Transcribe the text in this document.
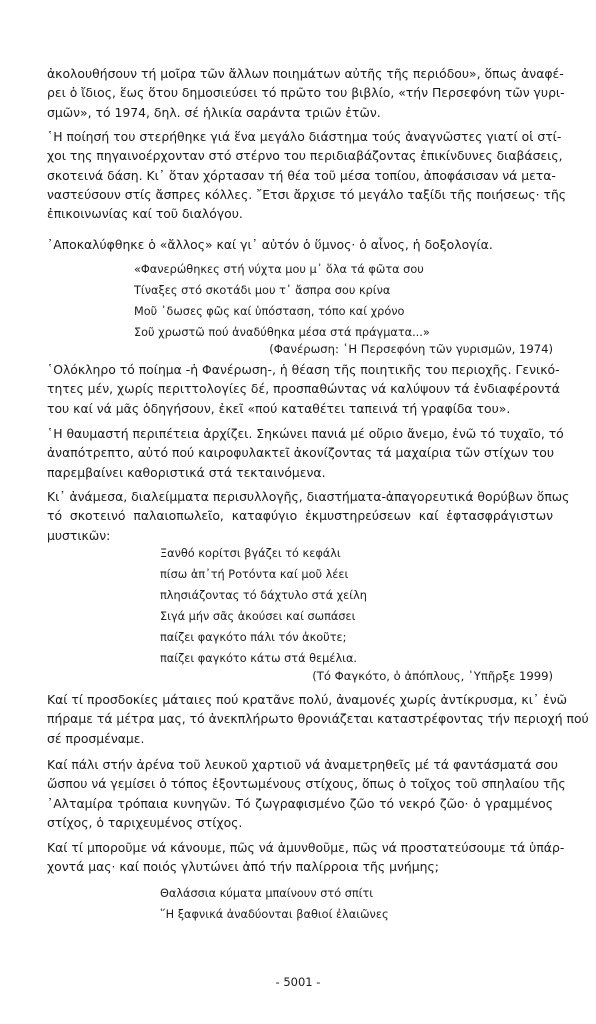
ἀκολουθήσουν τή μοῖρα τῶν ἄλλων ποιημάτων αὐτῆς τῆς περιόδου», ὅπως ἀναφέ-
ρει ὁ ἴδιος, ἕως ὅτου δημοσιεύσει τό πρῶτο του βιβλίο, «τήν Περσεφόνη τῶν γυρι-
σμῶν», τό 1974, δηλ. σέ ἡλικία σαράντα τριῶν ἐτῶν.
῾Η ποίησή του στερήθηκε γιά ἕνα μεγάλο διάστημα τούς ἀναγνῶστες γιατί οἱ στί-
χοι της πηγαινοέρχονταν στό στέρνο του περιδιαβάζοντας ἐπικίνδυνες διαβάσεις,
σκοτεινά δάση. Κι᾽ ὅταν χόρτασαν τή θέα τοῦ μέσα τοπίου, ἀποφάσισαν νά μετα-
ναστεύσουν στίς ἄσπρες κόλλες. ῎Ετσι ἄρχισε τό μεγάλο ταξίδι τῆς ποιήσεως· τῆς
ἐπικοινωνίας καί τοῦ διαλόγου.
᾽Αποκαλύφθηκε ὁ «ἄλλος» καί γι᾽ αὐτόν ὁ ὕμνος· ὁ αἶνος, ἡ δοξολογία.
«Φανερώθηκες στή νύχτα μου μ᾽ ὅλα τά φῶτα σου
Τίναξες στό σκοτάδι μου τ᾽ ἄσπρα σου κρίνα
Μοῦ ᾽δωσες φῶς καί ὑπόσταση, τόπο καί χρόνο
Σοῦ χρωστῶ πού ἀναδύθηκα μέσα στά πράγματα...»
(Φανέρωση: ῾Η Περσεφόνη τῶν γυρισμῶν, 1974)
῾Ολόκληρο τό ποίημα -ἡ Φανέρωση-, ἡ θέαση τῆς ποιητικῆς του περιοχῆς. Γενικό-
τητες μέν, χωρίς περιττολογίες δέ, προσπαθώντας νά καλύψουν τά ἐνδιαφέροντά
του καί νά μᾶς ὁδηγήσουν, ἐκεῖ «πού καταθέτει ταπεινά τή γραφίδα του».
῾Η θαυμαστή περιπέτεια ἀρχίζει. Σηκώνει πανιά μέ οὔριο ἄνεμο, ἐνῶ τό τυχαῖο, τό
ἀναπότρεπτο, αὐτό πού καιροφυλακτεῖ ἀκονίζοντας τά μαχαίρια τῶν στίχων του
παρεμβαίνει καθοριστικά στά τεκταινόμενα.
Κι᾽ ἀνάμεσα, διαλείμματα περισυλλογῆς, διαστήματα-ἀπαγορευτικά θορύβων ὅπως
τό σκοτεινό παλαιοπωλεῖο, καταφύγιο ἐκμυστηρεύσεων καί ἑφτασφράγιστων
μυστικῶν:
Ξανθό κορίτσι βγάζει τό κεφάλι
πίσω ἀπ᾽τή Ροτόντα καί μοῦ λέει
πλησιάζοντας τό δάχτυλο στά χείλη
Σιγά μήν σᾶς ἀκούσει καί σωπάσει
παίζει φαγκότο πάλι τόν ἀκοῦτε;
παίζει φαγκότο κάτω στά θεμέλια.
(Τό Φαγκότο, ὁ ἀπόπλους, ῾Υπῆρξε 1999)
Καί τί προσδοκίες μάταιες πού κρατᾶνε πολύ, ἀναμονές χωρίς ἀντίκρυσμα, κι᾽ ἐνῶ
πήραμε τά μέτρα μας, τό ἀνεκπλήρωτο θρονιάζεται καταστρέφοντας τήν περιοχή πού
σέ προσμέναμε.
Καί πάλι στήν ἀρένα τοῦ λευκοῦ χαρτιοῦ νά ἀναμετρηθεῖς μέ τά φαντάσματά σου
ὥσπου νά γεμίσει ὁ τόπος ἐξοντωμένους στίχους, ὅπως ὁ τοῖχος τοῦ σπηλαίου τῆς
᾽Αλταμίρα τρόπαια κυνηγῶν. Τό ζωγραφισμένο ζῶο τό νεκρό ζῶο· ὁ γραμμένος
στίχος, ὁ ταριχευμένος στίχος.
Καί τί μποροῦμε νά κάνουμε, πῶς νά ἀμυνθοῦμε, πῶς νά προστατεύσουμε τά ὑπάρ-
χοντά μας· καί ποιός γλυτώνει ἀπό τήν παλίρροια τῆς μνήμης;
Θαλάσσια κύματα μπαίνουν στό σπίτι
῞Η ξαφνικά ἀναδύονται βαθιοί ἐλαιῶνες
- 5001 -
